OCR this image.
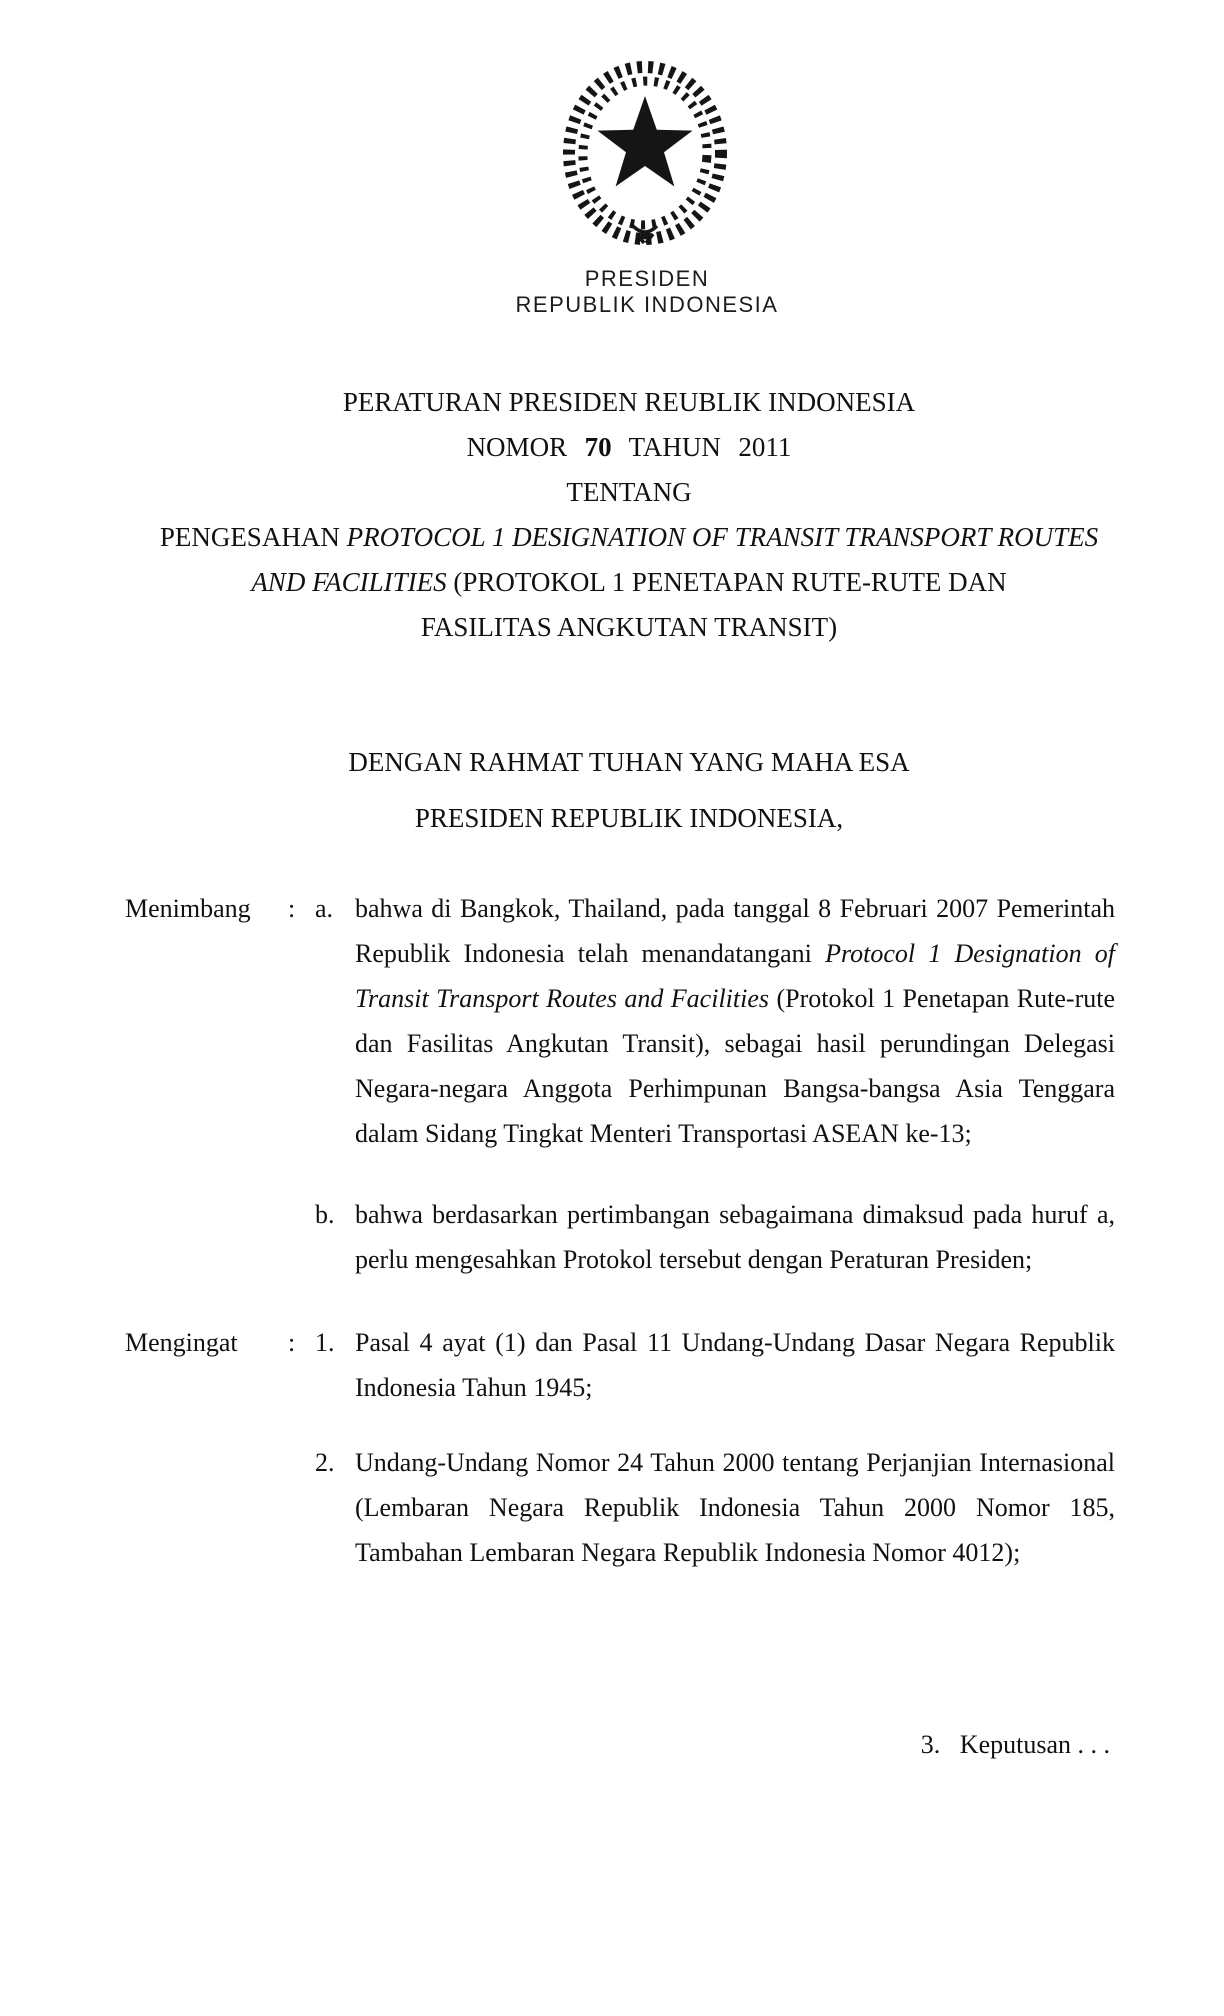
PRESIDEN
REPUBLIK INDONESIA
PERATURAN PRESIDEN REUBLIK INDONESIA
NOMOR  70  TAHUN  2011
TENTANG
PENGESAHAN PROTOCOL 1 DESIGNATION OF TRANSIT TRANSPORT ROUTES
AND FACILITIES (PROTOKOL 1 PENETAPAN RUTE-RUTE DAN
FASILITAS ANGKUTAN TRANSIT)
DENGAN RAHMAT TUHAN YANG MAHA ESA
PRESIDEN REPUBLIK INDONESIA,
Menimbang : a. bahwa di Bangkok, Thailand, pada tanggal 8 Februari 2007 Pemerintah Republik Indonesia telah menandatangani Protocol 1 Designation of Transit Transport Routes and Facilities (Protokol 1 Penetapan Rute-rute dan Fasilitas Angkutan Transit), sebagai hasil perundingan Delegasi Negara-negara Anggota Perhimpunan Bangsa-bangsa Asia Tenggara dalam Sidang Tingkat Menteri Transportasi ASEAN ke-13;
b. bahwa berdasarkan pertimbangan sebagaimana dimaksud pada huruf a, perlu mengesahkan Protokol tersebut dengan Peraturan Presiden;
Mengingat : 1. Pasal 4 ayat (1) dan Pasal 11 Undang-Undang Dasar Negara Republik Indonesia Tahun 1945;
2. Undang-Undang Nomor 24 Tahun 2000 tentang Perjanjian Internasional (Lembaran Negara Republik Indonesia Tahun 2000 Nomor 185, Tambahan Lembaran Negara Republik Indonesia Nomor 4012);
3.   Keputusan . . .
